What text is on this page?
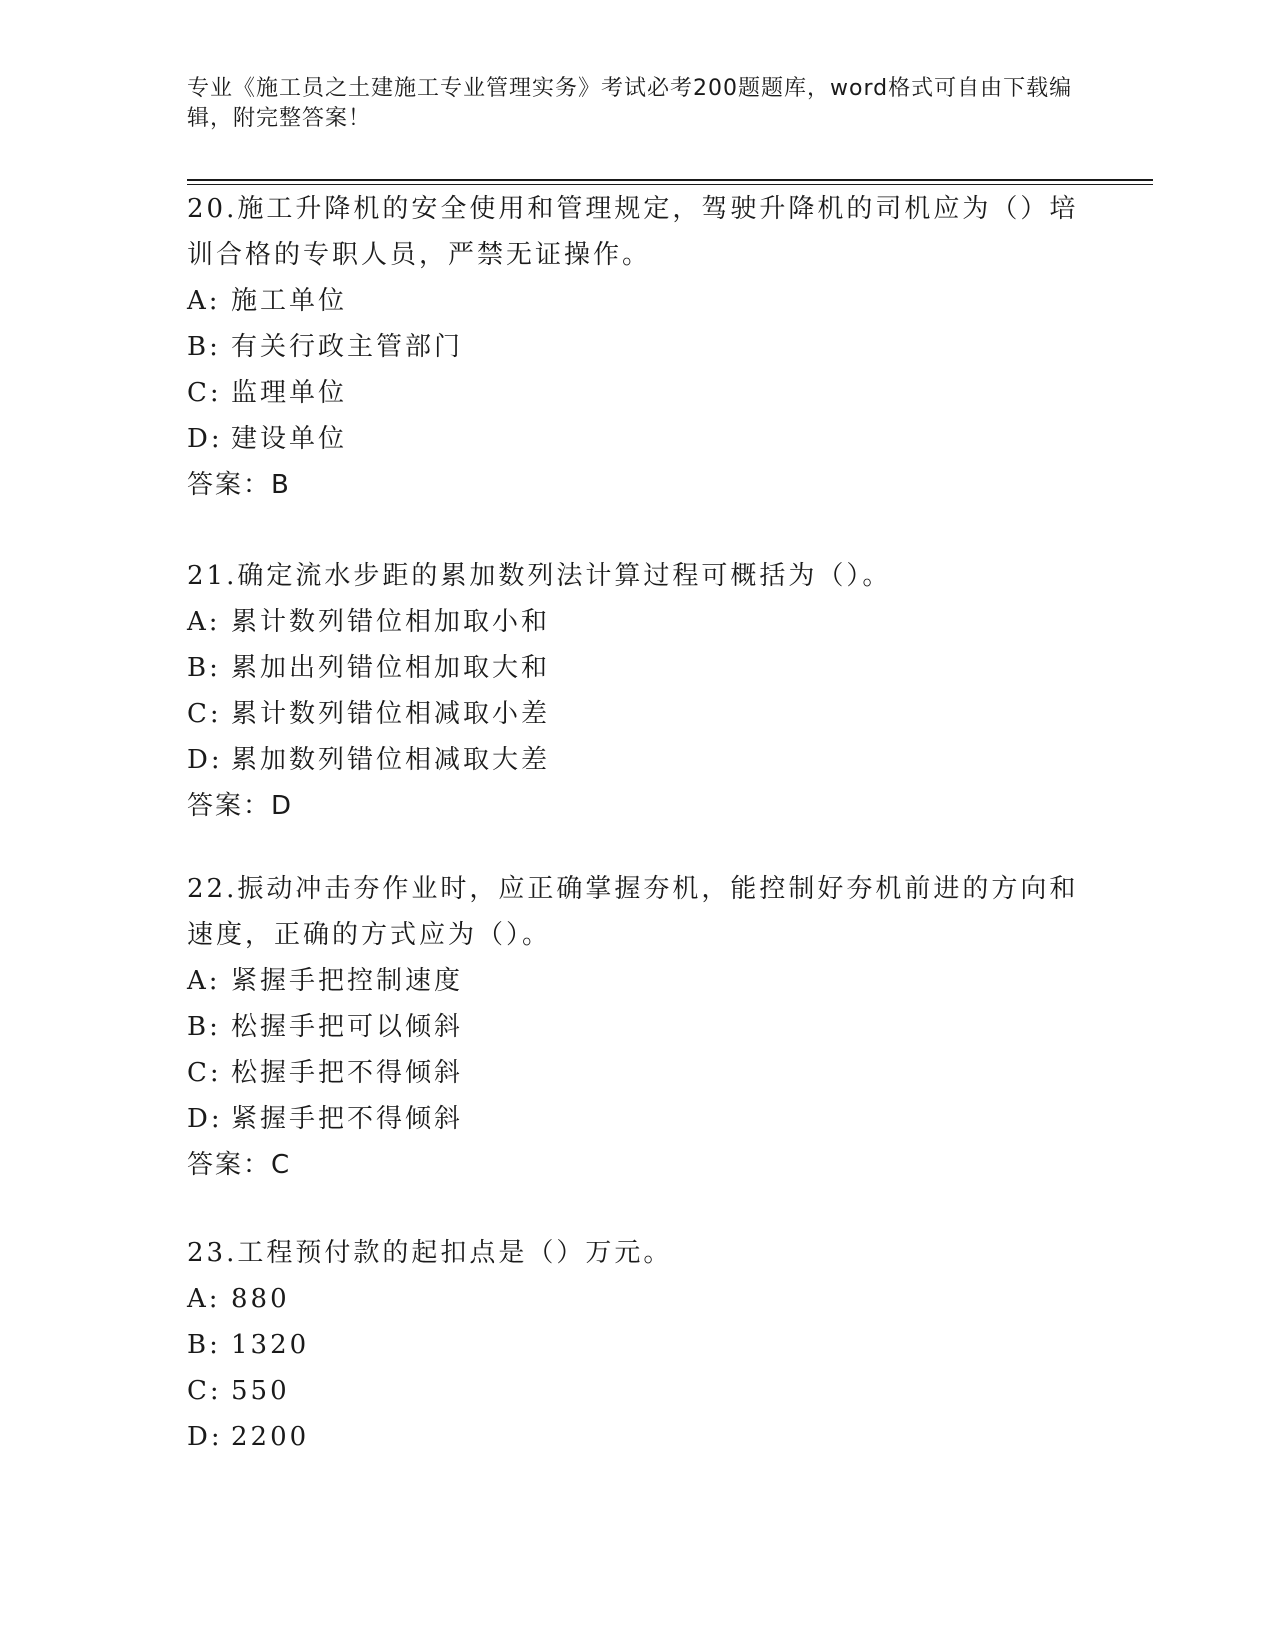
专业《施工员之土建施工专业管理实务》考试必考200题题库，word格式可自由下载编辑，附完整答案！

20.施工升降机的安全使用和管理规定，驾驶升降机的司机应为（）培训合格的专职人员，严禁无证操作。

A: 施工单位
B: 有关行政主管部门
C: 监理单位
D: 建设单位
答案：B

21.确定流水步距的累加数列法计算过程可概括为（）。

A: 累计数列错位相加取小和
B: 累加出列错位相加取大和
C: 累计数列错位相减取小差
D: 累加数列错位相减取大差
答案：D

22.振动冲击夯作业时，应正确掌握夯机，能控制好夯机前进的方向和速度，正确的方式应为（）。

A: 紧握手把控制速度
B: 松握手把可以倾斜
C: 松握手把不得倾斜
D: 紧握手把不得倾斜
答案：C

23.工程预付款的起扣点是（）万元。

A: 880
B: 1320
C: 550
D: 2200
